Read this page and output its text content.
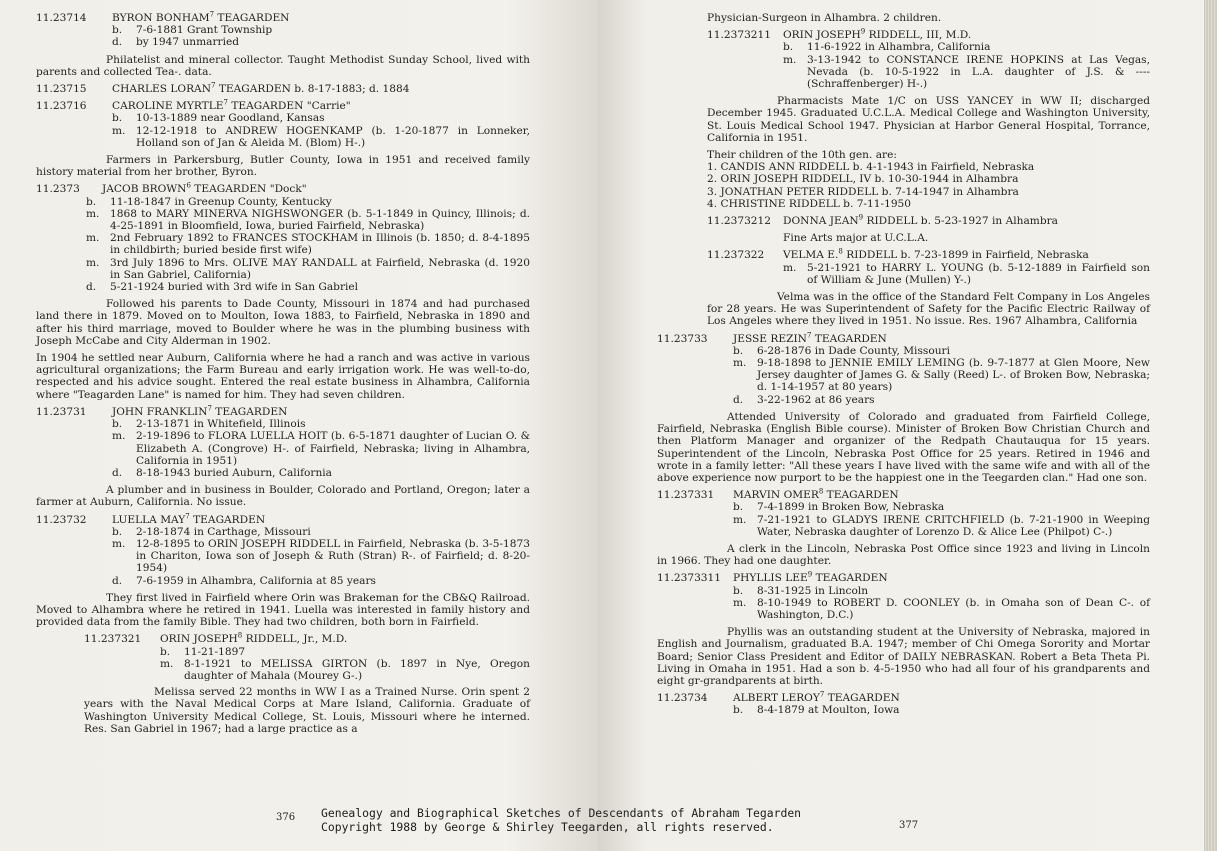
11.23714	BYRON BONHAM$^7$ TEAGARDEN
b.	7-6-1881 Grant Township
d.	by 1947 unmarried
Philatelist and mineral collector. Taught Methodist Sunday School, lived with parents and collected Tea-. data.
11.23715	CHARLES LORAN$^7$ TEAGARDEN b. 8-17-1883; d. 1884
11.23716	CAROLINE MYRTLE$^7$ TEAGARDEN "Carrie"
b.	10-13-1889 near Goodland, Kansas
m. 12-12-1918 to ANDREW HOGENKAMP (b. 1-20-1877 in Lonneker, Holland son of Jan & Aleida M. (Blom) H-.)
Farmers in Parkersburg, Butler County, Iowa in 1951 and received family history material from her brother, Byron.
11.2373	JACOB BROWN$^6$ TEAGARDEN "Dock"
b.	11-18-1847 in Greenup County, Kentucky
m. 1868 to MARY MINERVA NIGHSWONGER (b. 5-1-1849 in Quincy, Illinois; d. 4-25-1891 in Bloomfield, Iowa, buried Fairfield, Nebraska)
m. 2nd February 1892 to FRANCES STOCKHAM in Illinois (b. 1850; d. 8-4-1895 in childbirth; buried beside first wife)
m. 3rd July 1896 to Mrs. OLIVE MAY RANDALL at Fairfield, Nebraska (d. 1920 in San Gabriel, California)
d.	5-21-1924 buried with 3rd wife in San Gabriel
Followed his parents to Dade County, Missouri in 1874 and had purchased land there in 1879. Moved on to Moulton, Iowa 1883, to Fairfield, Nebraska in 1890 and after his third marriage, moved to Boulder where he was in the plumbing business with Joseph McCabe and City Alderman in 1902.
In 1904 he settled near Auburn, California where he had a ranch and was active in various agricultural organizations; the Farm Bureau and early irrigation work. He was well-to-do, respected and his advice sought. Entered the real estate business in Alhambra, California where "Teagarden Lane" is named for him. They had seven children.
11.23731	JOHN FRANKLIN$^7$ TEAGARDEN
b.	2-13-1871 in Whitefield, Illinois
m. 2-19-1896 to FLORA LUELLA HOIT (b. 6-5-1871 daughter of Lucian O. & Elizabeth A. (Congrove) H-. of Fairfield, Nebraska; living in Alhambra, California in 1951)
d.	8-18-1943 buried Auburn, California
A plumber and in business in Boulder, Colorado and Portland, Oregon; later a farmer at Auburn, California. No issue.
11.23732	LUELLA MAY$^7$ TEAGARDEN
b.	2-18-1874 in Carthage, Missouri
m. 12-8-1895 to ORIN JOSEPH RIDDELL in Fairfield, Nebraska (b. 3-5-1873 in Chariton, Iowa son of Joseph & Ruth (Stran) R-. of Fairfield; d. 8-20-1954)
d.	7-6-1959 in Alhambra, California at 85 years
They first lived in Fairfield where Orin was Brakeman for the CB&Q Railroad. Moved to Alhambra where he retired in 1941. Luella was interested in family history and provided data from the family Bible. They had two children, both born in Fairfield.
11.237321	ORIN JOSEPH$^8$ RIDDELL, Jr., M.D.
b.	11-21-1897
m. 8-1-1921 to MELISSA GIRTON (b. 1897 in Nye, Oregon daughter of Mahala (Mourey G-.)
Melissa served 22 months in WW I as a Trained Nurse. Orin spent 2 years with the Naval Medical Corps at Mare Island, California. Graduate of Washington University Medical College, St. Louis, Missouri where he interned. Res. San Gabriel in 1967; had a large practice as a
376
Physician-Surgeon in Alhambra. 2 children.
11.2373211	ORIN JOSEPH$^9$ RIDDELL, III, M.D.
b.	11-6-1922 in Alhambra, California
m. 3-13-1942 to CONSTANCE IRENE HOPKINS at Las Vegas, Nevada (b. 10-5-1922 in L.A. daughter of J.S. & ---- (Schraffenberger) H-.)
Pharmacists Mate 1/C on USS YANCEY in WW II; discharged December 1945. Graduated U.C.L.A. Medical College and Washington University, St. Louis Medical School 1947. Physician at Harbor General Hospital, Torrance, California in 1951.
Their children of the 10th gen. are:
1. CANDIS ANN RIDDELL b. 4-1-1943 in Fairfield, Nebraska
2. ORIN JOSEPH RIDDELL, IV b. 10-30-1944 in Alhambra
3. JONATHAN PETER RIDDELL b. 7-14-1947 in Alhambra
4. CHRISTINE RIDDELL b. 7-11-1950
11.2373212	DONNA JEAN$^9$ RIDDELL b. 5-23-1927 in Alhambra
Fine Arts major at U.C.L.A.
11.237322	VELMA E.$^8$ RIDDELL b. 7-23-1899 in Fairfield, Nebraska
m. 5-21-1921 to HARRY L. YOUNG (b. 5-12-1889 in Fairfield son of William & June (Mullen) Y-.)
Velma was in the office of the Standard Felt Company in Los Angeles for 28 years. He was Superintendent of Safety for the Pacific Electric Railway of Los Angeles where they lived in 1951. No issue. Res. 1967 Alhambra, California
11.23733	JESSE REZIN$^7$ TEAGARDEN
b.	6-28-1876 in Dade County, Missouri
m. 9-18-1898 to JENNIE EMILY LEMING (b. 9-7-1877 at Glen Moore, New Jersey daughter of James G. & Sally (Reed) L-. of Broken Bow, Nebraska; d. 1-14-1957 at 80 years)
d.	3-22-1962 at 86 years
Attended University of Colorado and graduated from Fairfield College, Fairfield, Nebraska (English Bible course). Minister of Broken Bow Christian Church and then Platform Manager and organizer of the Redpath Chautauqua for 15 years. Superintendent of the Lincoln, Nebraska Post Office for 25 years. Retired in 1946 and wrote in a family letter: "All these years I have lived with the same wife and with all of the above experience now purport to be the happiest one in the Teegarden clan." Had one son.
11.237331	MARVIN OMER$^8$ TEAGARDEN
b.	7-4-1899 in Broken Bow, Nebraska
m. 7-21-1921 to GLADYS IRENE CRITCHFIELD (b. 7-21-1900 in Weeping Water, Nebraska daughter of Lorenzo D. & Alice Lee (Philpot) C-.)
A clerk in the Lincoln, Nebraska Post Office since 1923 and living in Lincoln in 1966. They had one daughter.
11.2373311	PHYLLIS LEE$^9$ TEAGARDEN
b.	8-31-1925 in Lincoln
m. 8-10-1949 to ROBERT D. COONLEY (b. in Omaha son of Dean C-. of Washington, D.C.)
Phyllis was an outstanding student at the University of Nebraska, majored in English and Journalism, graduated B.A. 1947; member of Chi Omega Sorority and Mortar Board; Senior Class President and Editor of DAILY NEBRASKAN. Robert a Beta Theta Pi. Living in Omaha in 1951. Had a son b. 4-5-1950 who had all four of his grandparents and eight gr-grandparents at birth.
11.23734	ALBERT LEROY$^7$ TEAGARDEN
b.	8-4-1879 at Moulton, Iowa
377
Genealogy and Biographical Sketches of Descendants of Abraham Tegarden
Copyright 1988 by George & Shirley Teegarden, all rights reserved.
